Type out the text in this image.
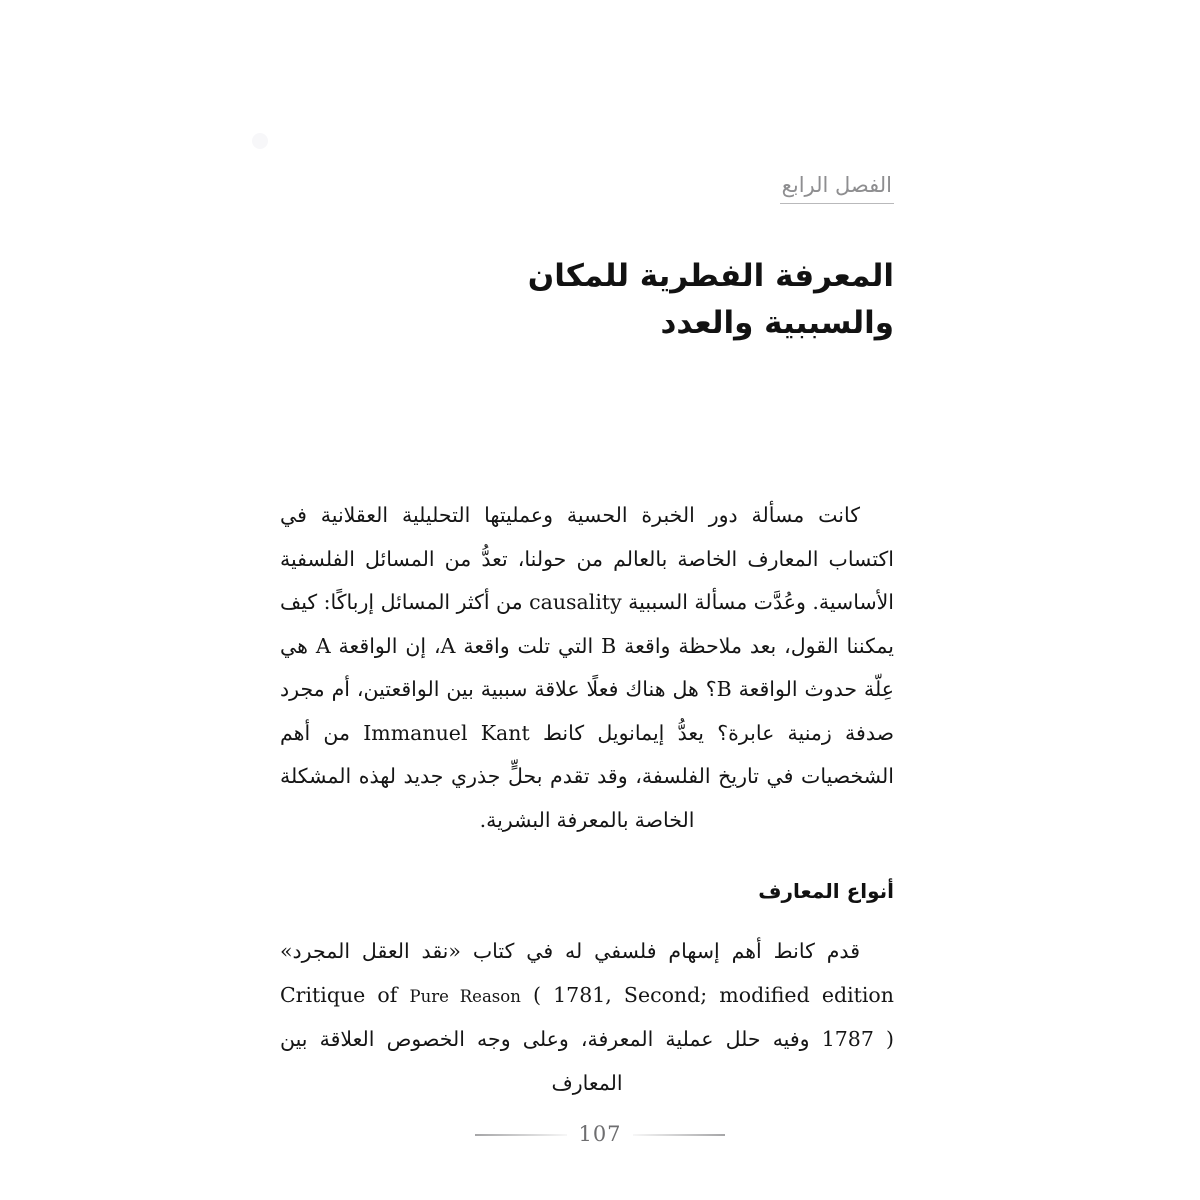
الفصل الرابع
المعرفة الفطرية للمكان
والسببية والعدد

كانت مسألة دور الخبرة الحسية وعمليتها التحليلية العقلانية في اكتساب المعارف الخاصة بالعالم من حولنا، تعدُّ من المسائل الفلسفية الأساسية. وعُدَّت مسألة السببية causality من أكثر المسائل إرباكًا: كيف يمكننا القول، بعد ملاحظة واقعة B التي تلت واقعة A، إن الواقعة A هي عِلّة حدوث الواقعة B؟ هل هناك فعلًا علاقة سببية بين الواقعتين، أم مجرد صدفة زمنية عابرة؟ يعدُّ إيمانويل كانط Immanuel Kant من أهم الشخصيات في تاريخ الفلسفة، وقد تقدم بحلٍّ جذري جديد لهذه المشكلة الخاصة بالمعرفة البشرية.

أنواع المعارف

قدم كانط أهم إسهام فلسفي له في كتاب «نقد العقل المجرد» Critique of Pure Reason ( 1781, Second; modified edition 1787 ) وفيه حلل عملية المعرفة، وعلى وجه الخصوص العلاقة بين المعارف

107
